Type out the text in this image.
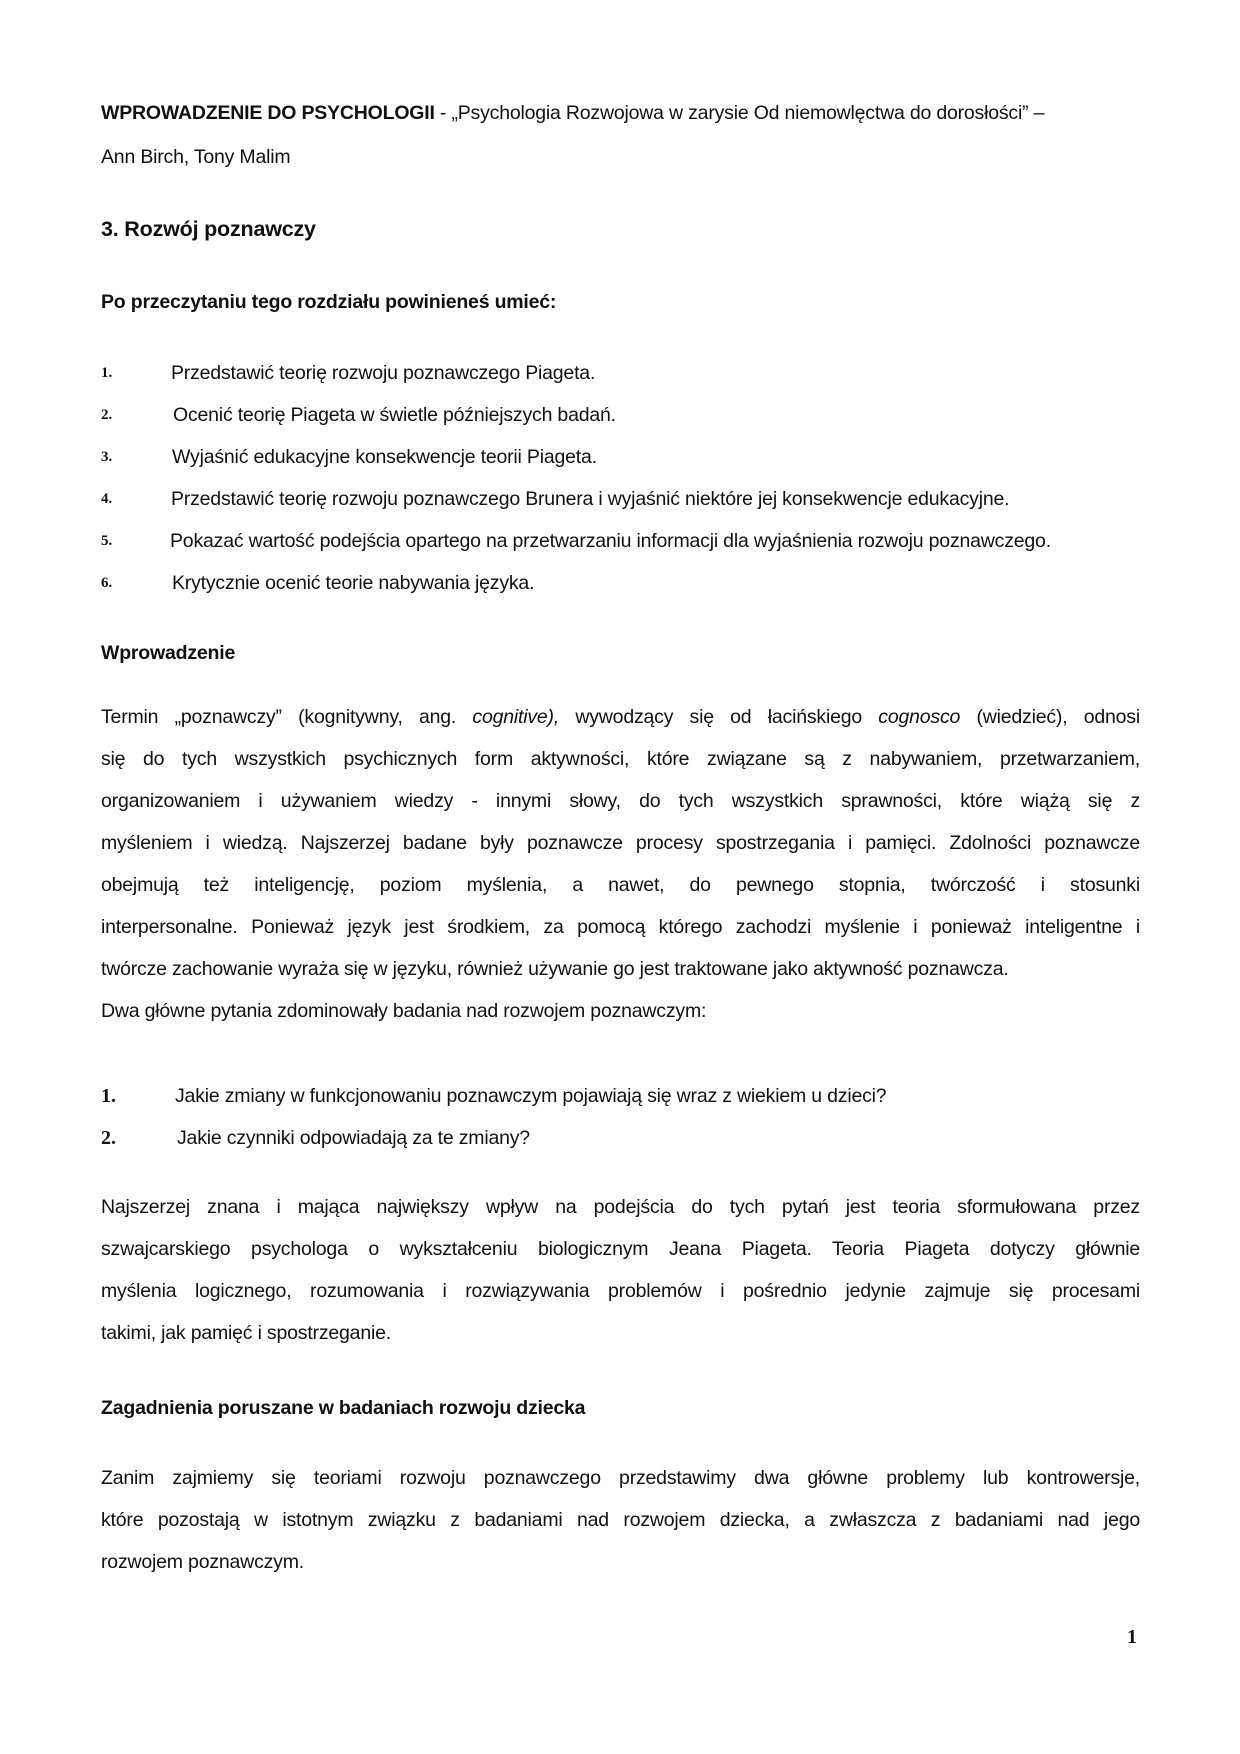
WPROWADZENIE DO PSYCHOLOGII - „Psychologia Rozwojowa w zarysie Od niemowlęctwa do dorosłości” –
Ann Birch, Tony Malim
3. Rozwój poznawczy
Po przeczytaniu tego rozdziału powinieneś umieć:
1.	Przedstawić teorię rozwoju poznawczego Piageta.
2.	Ocenić teorię Piageta w świetle późniejszych badań.
3.	Wyjaśnić edukacyjne konsekwencje teorii Piageta.
4.	Przedstawić teorię rozwoju poznawczego Brunera i wyjaśnić niektóre jej konsekwencje edukacyjne.
5.	Pokazać wartość podejścia opartego na przetwarzaniu informacji dla wyjaśnienia rozwoju poznawczego.
6.	Krytycznie ocenić teorie nabywania języka.
Wprowadzenie
Termin „poznawczy” (kognitywny, ang. cognitive), wywodzący się od łacińskiego cognosco (wiedzieć), odnosi
się do tych wszystkich psychicznych form aktywności, które związane są z nabywaniem, przetwarzaniem,
organizowaniem i używaniem wiedzy - innymi słowy, do tych wszystkich sprawności, które wiążą się z
myśleniem i wiedzą. Najszerzej badane były poznawcze procesy spostrzegania i pamięci. Zdolności poznawcze
obejmują też inteligencję, poziom myślenia, a nawet, do pewnego stopnia, twórczość i stosunki
interpersonalne. Ponieważ język jest środkiem, za pomocą którego zachodzi myślenie i ponieważ inteligentne i
twórcze zachowanie wyraża się w języku, również używanie go jest traktowane jako aktywność poznawcza.
Dwa główne pytania zdominowały badania nad rozwojem poznawczym:
1.	Jakie zmiany w funkcjonowaniu poznawczym pojawiają się wraz z wiekiem u dzieci?
2.	Jakie czynniki odpowiadają za te zmiany?
Najszerzej znana i mająca największy wpływ na podejścia do tych pytań jest teoria sformułowana przez
szwajcarskiego psychologa o wykształceniu biologicznym Jeana Piageta. Teoria Piageta dotyczy głównie
myślenia logicznego, rozumowania i rozwiązywania problemów i pośrednio jedynie zajmuje się procesami
takimi, jak pamięć i spostrzeganie.
Zagadnienia poruszane w badaniach rozwoju dziecka
Zanim zajmiemy się teoriami rozwoju poznawczego przedstawimy dwa główne problemy lub kontrowersje,
które pozostają w istotnym związku z badaniami nad rozwojem dziecka, a zwłaszcza z badaniami nad jego
rozwojem poznawczym.
1
